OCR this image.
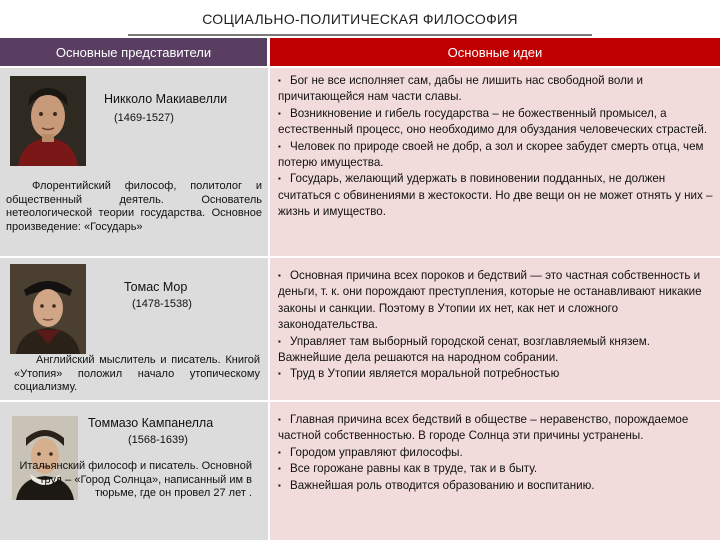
СОЦИАЛЬНО-ПОЛИТИЧЕСКАЯ ФИЛОСОФИЯ
Основные представители	Основные идеи
Никколо Макиавелли
(1469-1527)
Флорентийский философ, политолог и общественный деятель. Основатель нетеологической теории государства. Основное произведение: «Государь»

▪ Бог не все исполняет сам, дабы не лишить нас свободной воли и причитающейся нам части славы.

▪ Возникновение и гибель государства – не божественный промысел, а естественный процесс, оно необходимо для обуздания человеческих страстей.

▪ Человек по природе своей не добр, а зол и скорее забудет смерть отца, чем потерю имущества.

▪ Государь, желающий удержать в повиновении подданных, не должен считаться с обвинениями в жестокости. Но две вещи он не может отнять у них – жизнь и имущество.

Томас Мор
(1478-1538)
Английский мыслитель и писатель. Книгой «Утопия» положил начало утопическому социализму.

▪ Основная причина всех пороков и бедствий — это частная собственность и деньги, т. к. они порождают преступления, которые не останавливают никакие законы и санкции. Поэтому в Утопии их нет, как нет и сложного законодательства.

▪ Управляет там выборный городской сенат, возглавляемый князем. Важнейшие дела решаются на народном собрании.

▪ Труд в Утопии является моральной потребностью

Томмазо Кампанелла
(1568-1639)
Итальянский философ и писатель. Основной труд – «Город Солнца», написанный им в тюрьме, где он провел 27 лет .

▪ Главная причина всех бедствий в обществе – неравенство, порождаемое частной собственностью. В городе Солнца эти причины устранены.

▪ Городом управляют философы.

▪ Все горожане равны как в труде, так и в быту.

▪ Важнейшая роль отводится образованию и воспитанию.
